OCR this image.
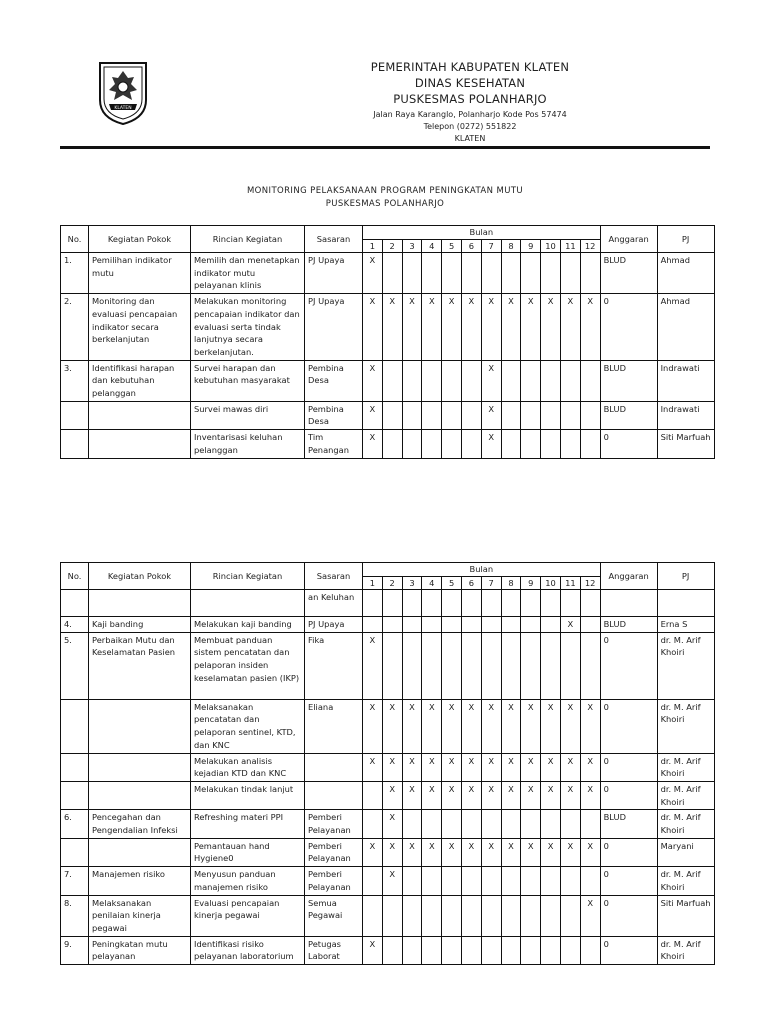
KLATEN
PEMERINTAH KABUPATEN KLATEN
DINAS KESEHATAN
PUSKESMAS POLANHARJO
Jalan Raya Karanglo, Polanharjo Kode Pos 57474
Telepon (0272) 551822
KLATEN
MONITORING PELAKSANAAN PROGRAM PENINGKATAN MUTU
PUSKESMAS POLANHARJO
No.	Kegiatan Pokok	Rincian Kegiatan	Sasaran	Bulan												Anggaran	PJ
				1	2	3	4	5	6	7	8	9	10	11	12		
1.	Pemilihan indikator mutu	Memilih dan menetapkan indikator mutu pelayanan klinis	PJ Upaya	X												BLUD	Ahmad
2.	Monitoring dan evaluasi pencapaian indikator secara berkelanjutan	Melakukan monitoring pencapaian indikator dan evaluasi serta tindak lanjutnya secara berkelanjutan.	PJ Upaya	X	X	X	X	X	X	X	X	X	X	X	X	0	Ahmad
3.	Identifikasi harapan dan kebutuhan pelanggan	Survei harapan dan kebutuhan masyarakat	Pembina Desa	X						X						BLUD	Indrawati
		Survei mawas diri	Pembina Desa	X						X						BLUD	Indrawati
		Inventarisasi keluhan pelanggan	Tim Penangan	X						X						0	Siti Marfuah
No.	Kegiatan Pokok	Rincian Kegiatan	Sasaran	Bulan												Anggaran	PJ
				1	2	3	4	5	6	7	8	9	10	11	12		
			an Keluhan														
4.	Kaji banding	Melakukan kaji banding	PJ Upaya											X		BLUD	Erna S
5.	Perbaikan Mutu dan Keselamatan Pasien	Membuat panduan sistem pencatatan dan pelaporan insiden keselamatan pasien (IKP)	Fika	X												0	dr. M. Arif Khoiri
		Melaksanakan pencatatan dan pelaporan sentinel, KTD, dan KNC	Eliana	X	X	X	X	X	X	X	X	X	X	X	X	0	dr. M. Arif Khoiri
		Melakukan analisis kejadian KTD dan KNC		X	X	X	X	X	X	X	X	X	X	X	X	0	dr. M. Arif Khoiri
		Melakukan tindak lanjut			X	X	X	X	X	X	X	X	X	X	X	0	dr. M. Arif Khoiri
6.	Pencegahan dan Pengendalian Infeksi	Refreshing materi PPI	Pemberi Pelayanan		X											BLUD	dr. M. Arif Khoiri
		Pemantauan hand Hygiene0	Pemberi Pelayanan	X	X	X	X	X	X	X	X	X	X	X	X	0	Maryani
7.	Manajemen risiko	Menyusun panduan manajemen risiko	Pemberi Pelayanan		X											0	dr. M. Arif Khoiri
8.	Melaksanakan penilaian kinerja pegawai	Evaluasi pencapaian kinerja pegawai	Semua Pegawai												X	0	Siti Marfuah
9.	Peningkatan mutu pelayanan	Identifikasi risiko pelayanan laboratorium	Petugas Laborat	X												0	dr. M. Arif Khoiri
